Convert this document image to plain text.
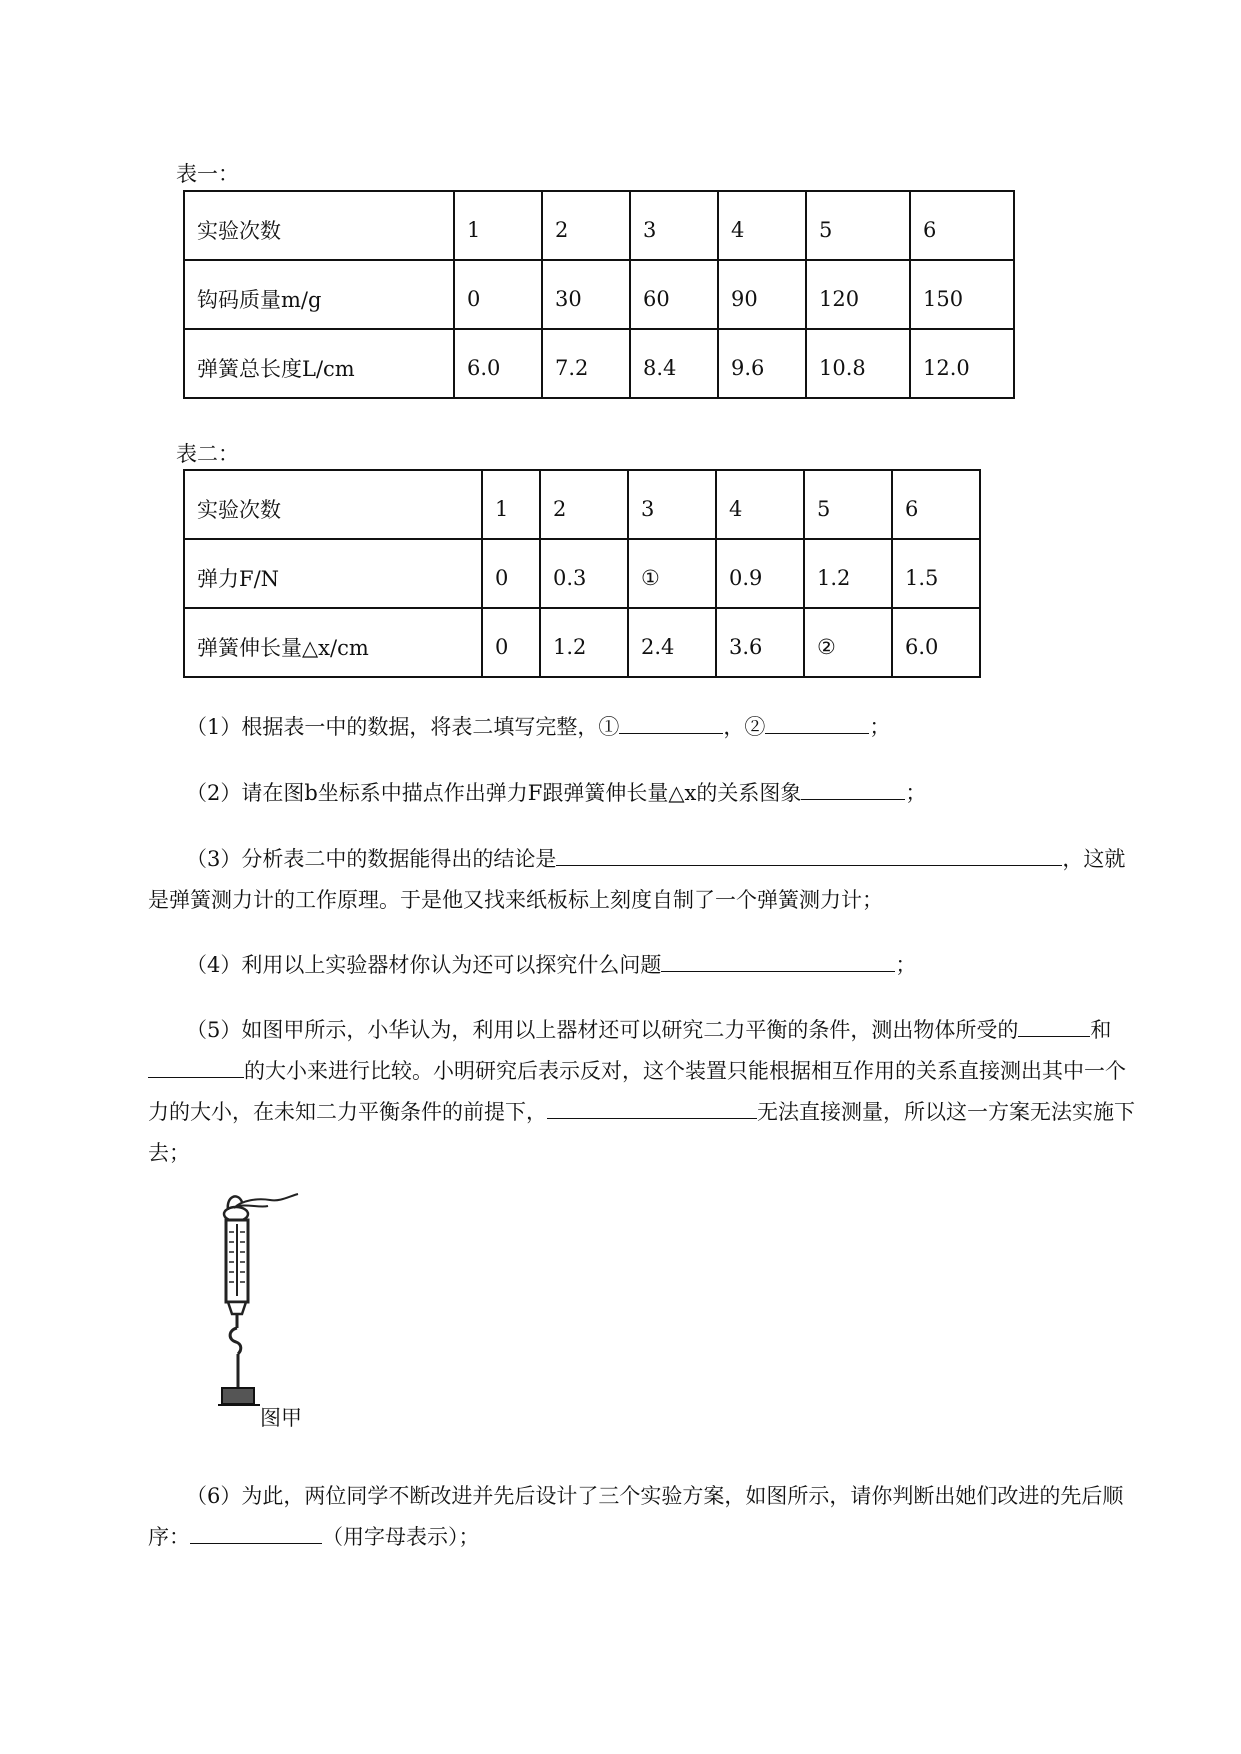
表一：
实验次数	1	2	3	4	5	6
钩码质量m/g	0	30	60	90	120	150
弹簧总长度L/cm	6.0	7.2	8.4	9.6	10.8	12.0
表二：
实验次数	1	2	3	4	5	6
弹力F/N	0	0.3	①	0.9	1.2	1.5
弹簧伸长量△x/cm	0	1.2	2.4	3.6	②	6.0
（1）根据表一中的数据，将表二填写完整，①	，②	；
（2）请在图b坐标系中描点作出弹力F跟弹簧伸长量△x的关系图象	；
（3）分析表二中的数据能得出的结论是	，这就是弹簧测力计的工作原理。于是他又找来纸板标上刻度自制了一个弹簧测力计；
（4）利用以上实验器材你认为还可以探究什么问题	；
（5）如图甲所示，小华认为，利用以上器材还可以研究二力平衡的条件，测出物体所受的	和的大小来进行比较。小明研究后表示反对，这个装置只能根据相互作用的关系直接测出其中一个力的大小，在未知二力平衡条件的前提下，	无法直接测量，所以这一方案无法实施下去；
图甲
（6）为此，两位同学不断改进并先后设计了三个实验方案，如图所示，请你判断出她们改进的先后顺序：	（用字母表示）；
